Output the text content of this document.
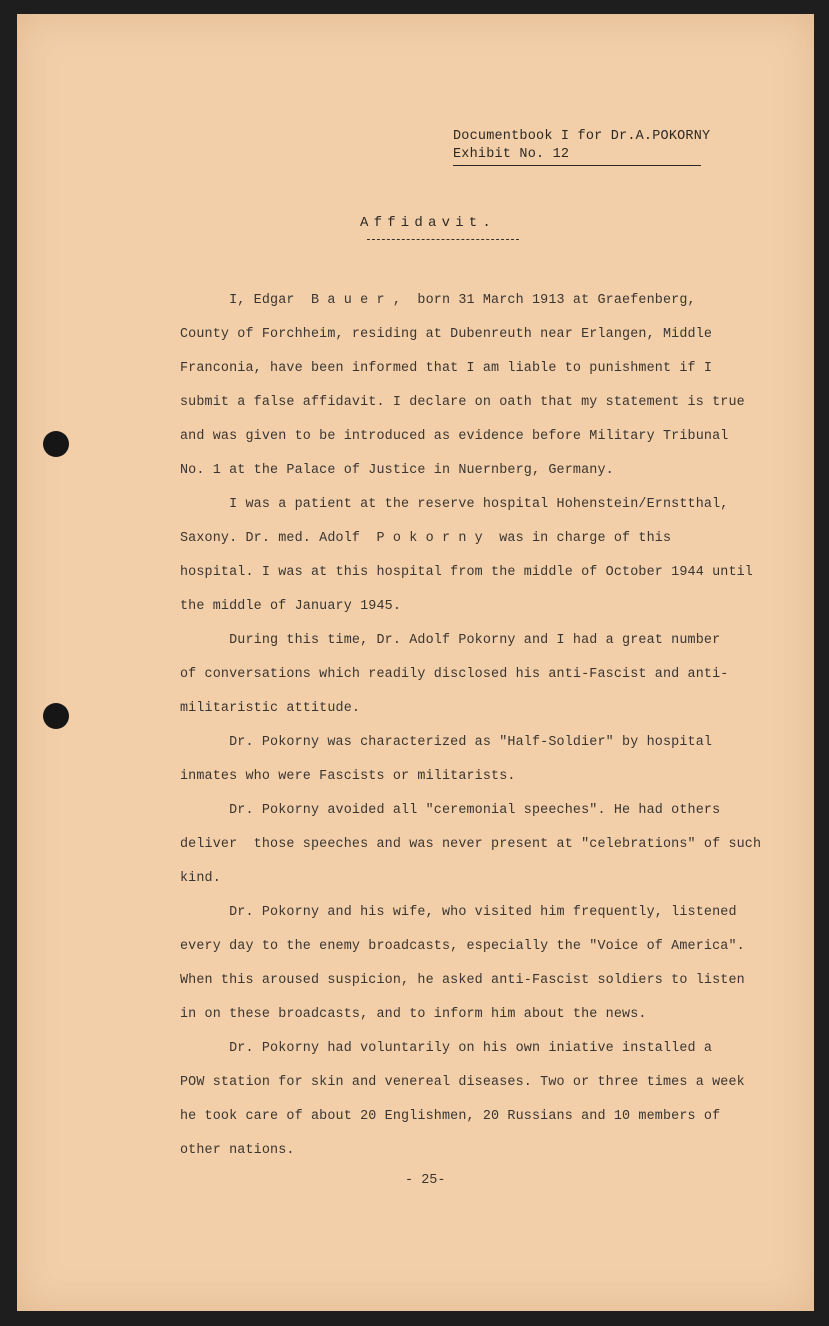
Documentbook I for Dr.A.POKORNY
Exhibit No. 12
Affidavit.
I, Edgar  B a u e r ,  born 31 March 1913 at Graefenberg,
County of Forchheim, residing at Dubenreuth near Erlangen, Middle
Franconia, have been informed that I am liable to punishment if I
submit a false affidavit. I declare on oath that my statement is true
and was given to be introduced as evidence before Military Tribunal
No. 1 at the Palace of Justice in Nuernberg, Germany.
I was a patient at the reserve hospital Hohenstein/Ernstthal,
Saxony. Dr. med. Adolf  P o k o r n y  was in charge of this
hospital. I was at this hospital from the middle of October 1944 until
the middle of January 1945.
During this time, Dr. Adolf Pokorny and I had a great number
of conversations which readily disclosed his anti-Fascist and anti-
militaristic attitude.
Dr. Pokorny was characterized as "Half-Soldier" by hospital
inmates who were Fascists or militarists.
Dr. Pokorny avoided all "ceremonial speeches". He had others
deliver  those speeches and was never present at "celebrations" of such
kind.
Dr. Pokorny and his wife, who visited him frequently, listened
every day to the enemy broadcasts, especially the "Voice of America".
When this aroused suspicion, he asked anti-Fascist soldiers to listen
in on these broadcasts, and to inform him about the news.
Dr. Pokorny had voluntarily on his own iniative installed a
POW station for skin and venereal diseases. Two or three times a week
he took care of about 20 Englishmen, 20 Russians and 10 members of
other nations.
- 25-
